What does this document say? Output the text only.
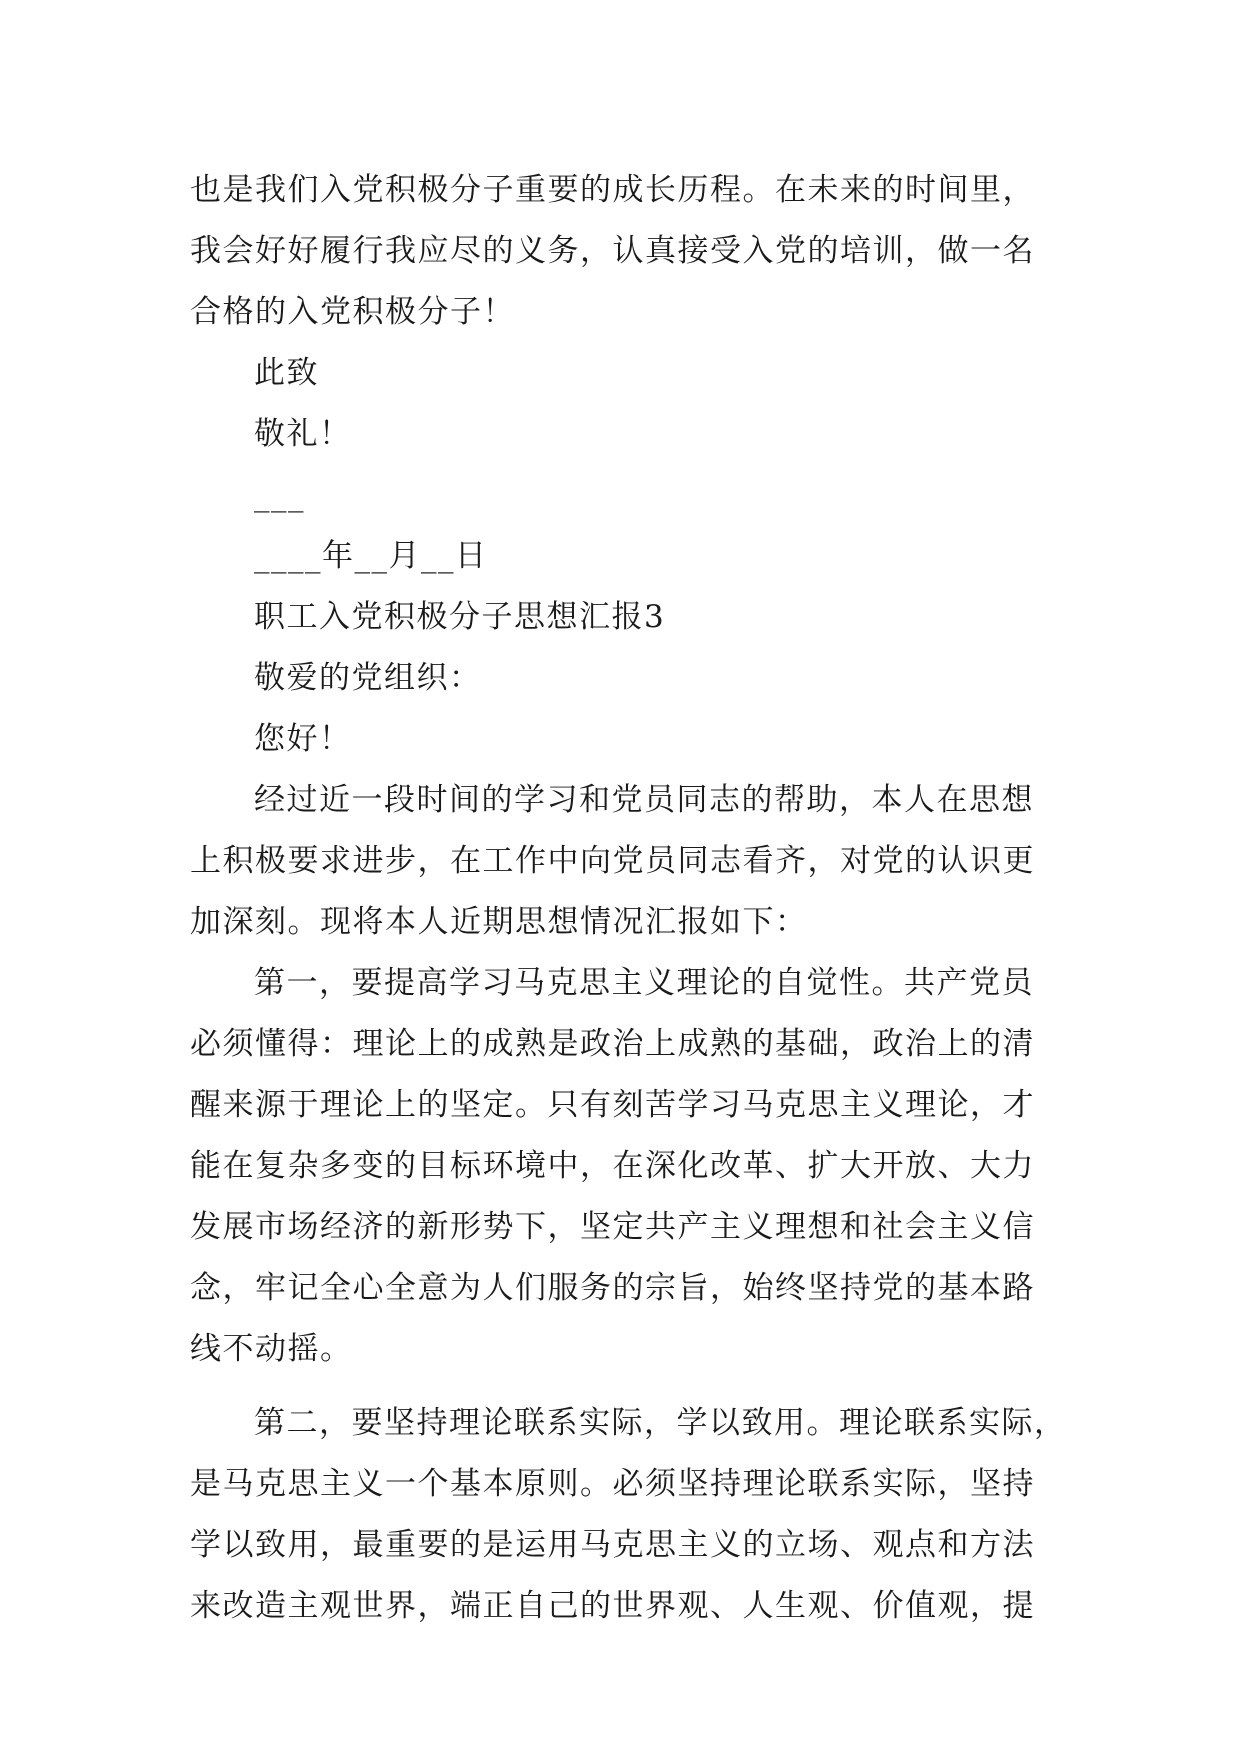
也是我们入党积极分子重要的成长历程。在未来的时间里，
我会好好履行我应尽的义务，认真接受入党的培训，做一名
合格的入党积极分子！
此致
敬礼！
___
____年__月__日
职工入党积极分子思想汇报3
敬爱的党组织：
您好！
经过近一段时间的学习和党员同志的帮助，本人在思想
上积极要求进步，在工作中向党员同志看齐，对党的认识更
加深刻。现将本人近期思想情况汇报如下：
第一，要提高学习马克思主义理论的自觉性。共产党员
必须懂得：理论上的成熟是政治上成熟的基础，政治上的清
醒来源于理论上的坚定。只有刻苦学习马克思主义理论，才
能在复杂多变的目标环境中，在深化改革、扩大开放、大力
发展市场经济的新形势下，坚定共产主义理想和社会主义信
念，牢记全心全意为人们服务的宗旨，始终坚持党的基本路
线不动摇。
第二，要坚持理论联系实际，学以致用。理论联系实际，
是马克思主义一个基本原则。必须坚持理论联系实际，坚持
学以致用，最重要的是运用马克思主义的立场、观点和方法
来改造主观世界，端正自己的世界观、人生观、价值观，提
